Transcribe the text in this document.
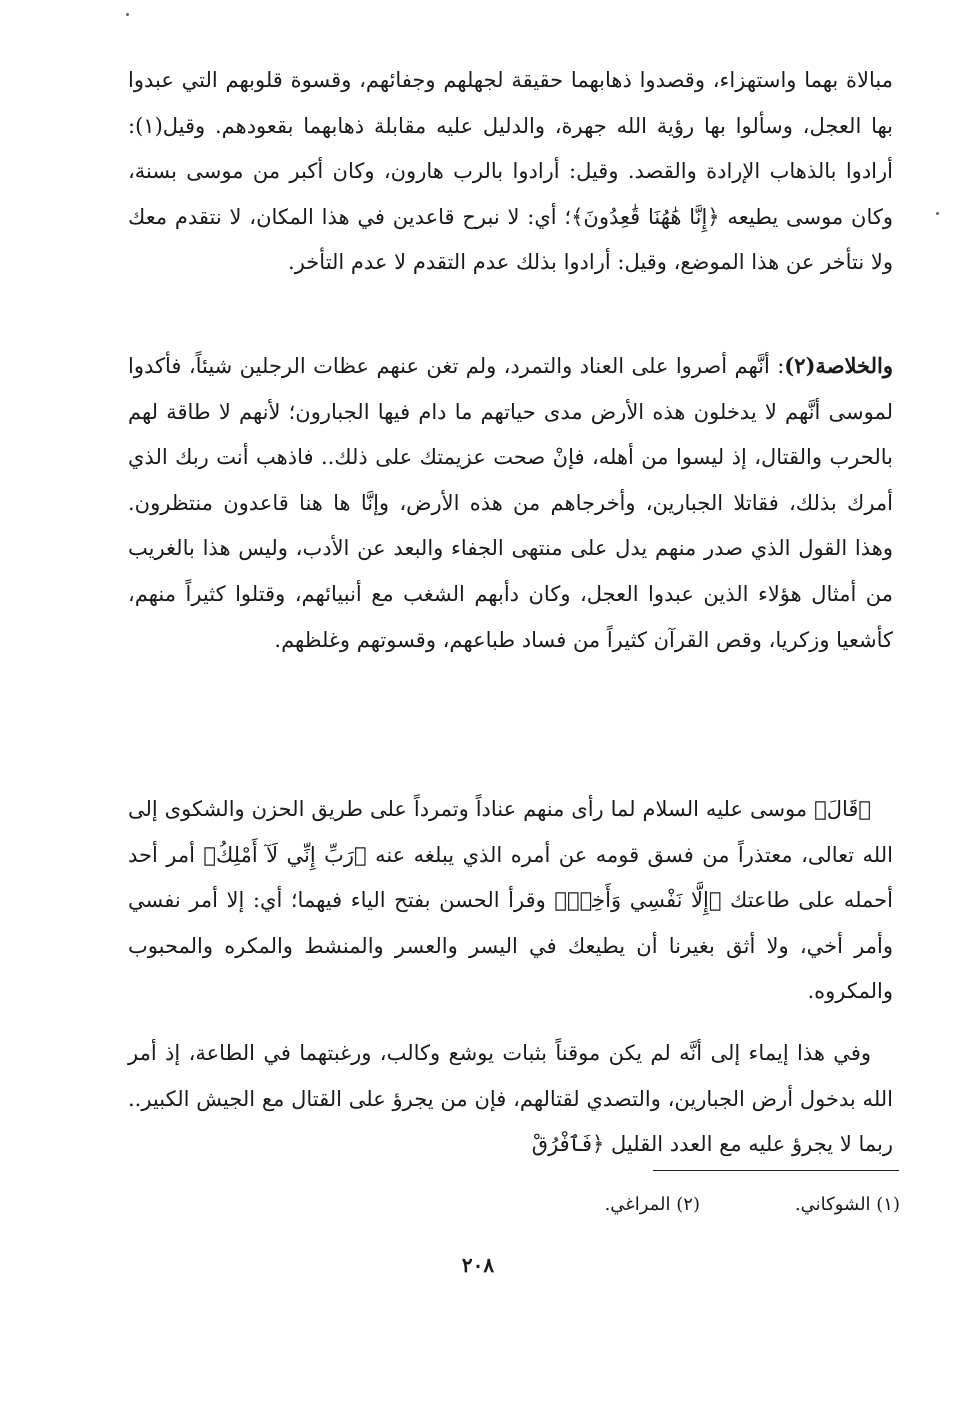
مبالاة بهما واستهزاء، وقصدوا ذهابهما حقيقة لجهلهم وجفائهم، وقسوة قلوبهم التي عبدوا بها العجل، وسألوا بها رؤية الله جهرة، والدليل عليه مقابلة ذهابهما بقعودهم. وقيل(١): أرادوا بالذهاب الإرادة والقصد. وقيل: أرادوا بالرب هارون، وكان أكبر من موسى بسنة، وكان موسى يطيعه ﴿إِنَّا هَٰهُنَا قَٰعِدُونَ﴾؛ أي: لا نبرح قاعدين في هذا المكان، لا نتقدم معك ولا نتأخر عن هذا الموضع، وقيل: أرادوا بذلك عدم التقدم لا عدم التأخر.

والخلاصة(٢): أنَّهم أصروا على العناد والتمرد، ولم تغن عنهم عظات الرجلين شيئاً، فأكدوا لموسى أنَّهم لا يدخلون هذه الأرض مدى حياتهم ما دام فيها الجبارون؛ لأنهم لا طاقة لهم بالحرب والقتال، إذ ليسوا من أهله، فإنْ صحت عزيمتك على ذلك.. فاذهب أنت ربك الذي أمرك بذلك، فقاتلا الجبارين، وأخرجاهم من هذه الأرض، وإنَّا ها هنا قاعدون منتظرون. وهذا القول الذي صدر منهم يدل على منتهى الجفاء والبعد عن الأدب، وليس هذا بالغريب من أمثال هؤلاء الذين عبدوا العجل، وكان دأبهم الشغب مع أنبيائهم، وقتلوا كثيراً منهم، كأشعيا وزكريا، وقص القرآن كثيراً من فساد طباعهم، وقسوتهم وغلظهم.

﴿قَالَ﴾ موسى عليه السلام لما رأى منهم عناداً وتمرداً على طريق الحزن والشكوى إلى الله تعالى، معتذراً من فسق قومه عن أمره الذي يبلغه عنه ﴿رَبِّ إِنِّي لَآ أَمْلِكُ﴾ أمر أحد أحمله على طاعتك ﴿إِلَّا نَفْسِي وَأَخِيۖ﴾ وقرأ الحسن بفتح الياء فيهما؛ أي: إلا أمر نفسي وأمر أخي، ولا أثق بغيرنا أن يطيعك في اليسر والعسر والمنشط والمكره والمحبوب والمكروه.

وفي هذا إيماء إلى أنَّه لم يكن موقناً بثبات يوشع وكالب، ورغبتهما في الطاعة، إذ أمر الله بدخول أرض الجبارين، والتصدي لقتالهم، فإن من يجرؤ على القتال مع الجيش الكبير.. ربما لا يجرؤ عليه مع العدد القليل ﴿فَٱفْرُقْ

(١) الشوكاني.
(٢) المراغي.
٢٠٨
